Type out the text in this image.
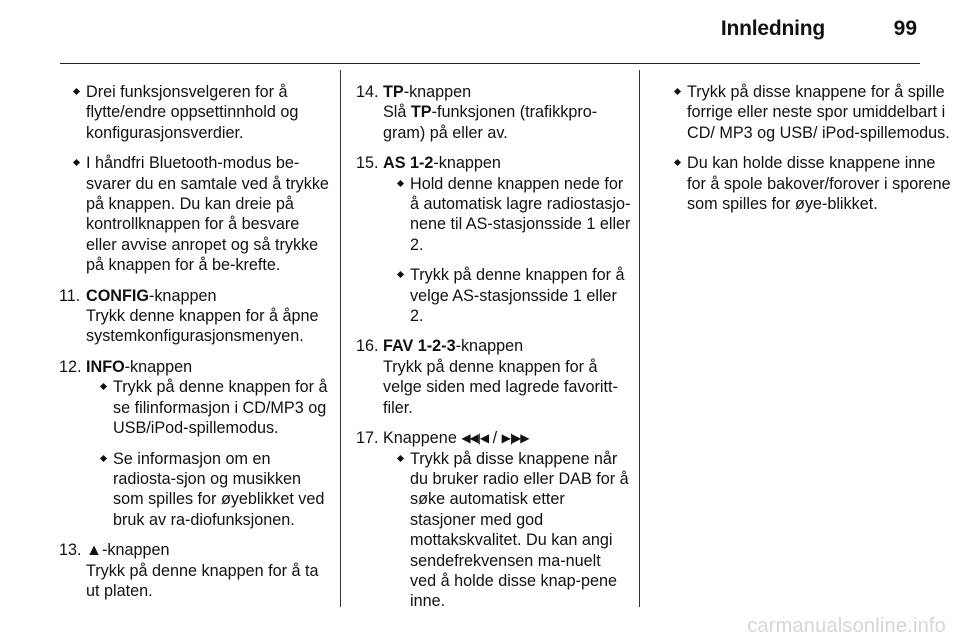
Innledning	99
Drei funksjonsvelgeren for å flytte/endre oppsettinnhold og konfigurasjonsverdier.
I håndfri Bluetooth-modus be-svarer du en samtale ved å trykke på knappen. Du kan dreie på kontrollknappen for å besvare eller avvise anropet og så trykke på knappen for å be-krefte.
11. CONFIG-knappen
Trykk denne knappen for å åpne systemkonfigurasjonsmenyen.
12. INFO-knappen
Trykk på denne knappen for å se filinformasjon i CD/MP3 og USB/iPod-spillemodus.
Se informasjon om en radiosta-sjon og musikken som spilles for øyeblikket ved bruk av ra-diofunksjonen.
13. ▲-knappen
Trykk på denne knappen for å ta ut platen.
14. TP-knappen
Slå TP-funksjonen (trafikkpro-gram) på eller av.
15. AS 1-2-knappen
Hold denne knappen nede for å automatisk lagre radiostasjo-nene til AS-stasjonsside 1 eller 2.
Trykk på denne knappen for å velge AS-stasjonsside 1 eller 2.
16. FAV 1-2-3-knappen
Trykk på denne knappen for å velge siden med lagrede favoritt-filer.
17. Knappene ◀◀|◀ / ▶|▶▶
Trykk på disse knappene når du bruker radio eller DAB for å søke automatisk etter stasjoner med god mottakskvalitet. Du kan angi sendefrekvensen ma-nuelt ved å holde disse knap-pene inne.
Trykk på disse knappene for å spille forrige eller neste spor umiddelbart i CD/ MP3 og USB/ iPod-spillemodus.
Du kan holde disse knappene inne for å spole bakover/forover i sporene som spilles for øye-blikket.
carmanualsonline.info
